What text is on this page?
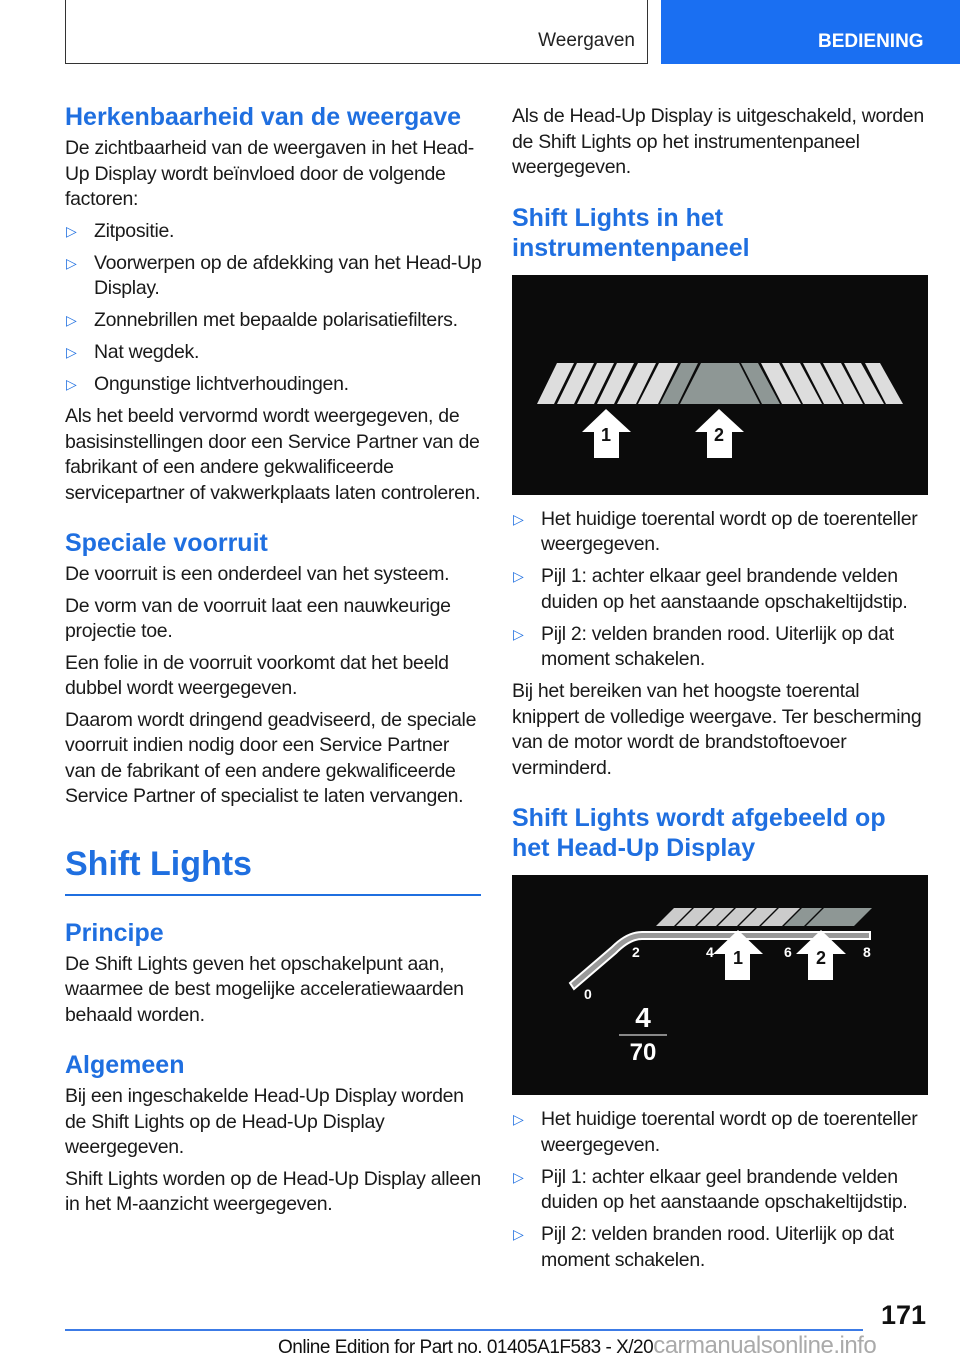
Weergaven	BEDIENING
Herkenbaarheid van de weergave

De zichtbaarheid van de weergaven in het Head-Up Display wordt beïnvloed door de volgende factoren:

▷ Zitpositie.
▷ Voorwerpen op de afdekking van het Head-Up Display.
▷ Zonnebrillen met bepaalde polarisatiefilters.
▷ Nat wegdek.
▷ Ongunstige lichtverhoudingen.

Als het beeld vervormd wordt weergegeven, de basisinstellingen door een Service Partner van de fabrikant of een andere gekwalificeerde servicepartner of vakwerkplaats laten controleren.

Speciale voorruit

De voorruit is een onderdeel van het systeem.

De vorm van de voorruit laat een nauwkeurige projectie toe.

Een folie in de voorruit voorkomt dat het beeld dubbel wordt weergegeven.

Daarom wordt dringend geadviseerd, de speciale voorruit indien nodig door een Service Partner van de fabrikant of een andere gekwalificeerde Service Partner of specialist te laten vervangen.

Shift Lights
Principe

De Shift Lights geven het opschakelpunt aan, waarmee de best mogelijke acceleratiewaarden behaald worden.

Algemeen

Bij een ingeschakelde Head-Up Display worden de Shift Lights op de Head-Up Display weergegeven.

Shift Lights worden op de Head-Up Display alleen in het M-aanzicht weergegeven.

Als de Head-Up Display is uitgeschakeld, worden de Shift Lights op het instrumentenpaneel weergegeven.

Shift Lights in het instrumentenpaneel
1	2
▷ Het huidige toerental wordt op de toerenteller weergegeven.
▷ Pijl 1: achter elkaar geel brandende velden duiden op het aanstaande opschakeltijdstip.
▷ Pijl 2: velden branden rood. Uiterlijk op dat moment schakelen.

Bij het bereiken van het hoogste toerental knippert de volledige weergave. Ter bescherming van de motor wordt de brandstoftoevoer verminderd.

Shift Lights wordt afgebeeld op het Head-Up Display
0
2	4	6	8
1	2
4
70
▷ Het huidige toerental wordt op de toerenteller weergegeven.
▷ Pijl 1: achter elkaar geel brandende velden duiden op het aanstaande opschakeltijdstip.
▷ Pijl 2: velden branden rood. Uiterlijk op dat moment schakelen.
171
Online Edition for Part no. 01405A1F583 - X/20carmanualsonline.info
